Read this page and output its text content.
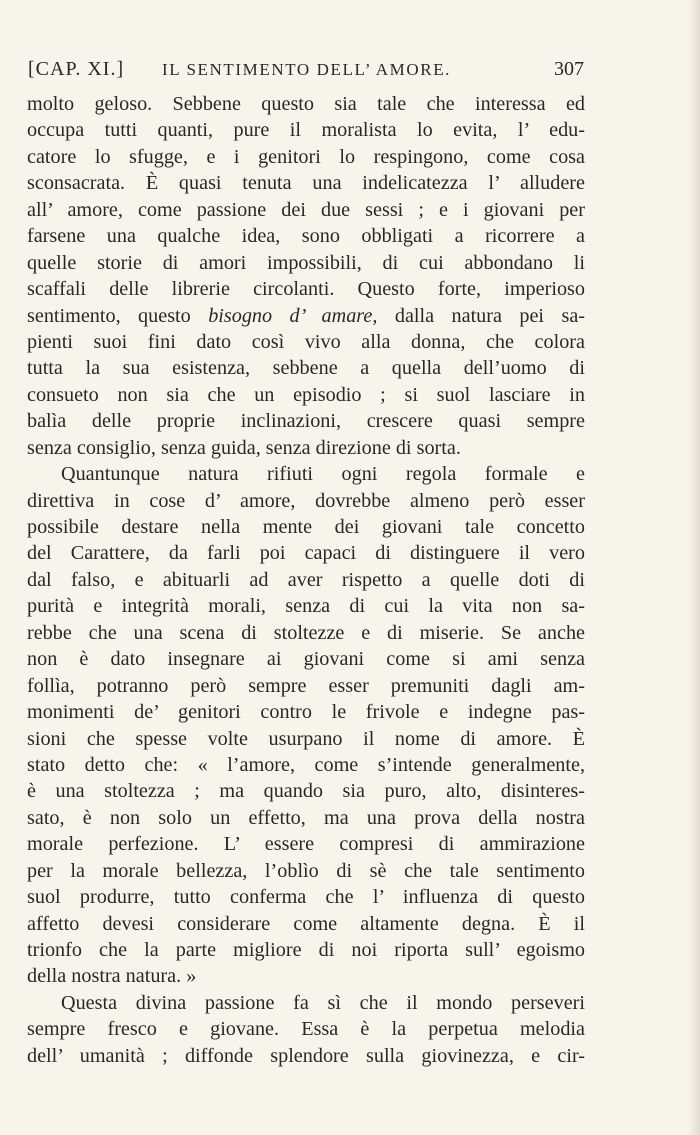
[CAP. XI.] IL SENTIMENTO DELL’ AMORE.	307
molto geloso. Sebbene questo sia tale che interessa ed
occupa tutti quanti, pure il moralista lo evita, l’ edu-
catore lo sfugge, e i genitori lo respingono, come cosa
sconsacrata. È quasi tenuta una indelicatezza l’ alludere
all’ amore, come passione dei due sessi ; e i giovani per
farsene una qualche idea, sono obbligati a ricorrere a
quelle storie di amori impossibili, di cui abbondano li
scaffali delle librerie circolanti. Questo forte, imperioso
sentimento, questo bisogno d’ amare, dalla natura pei sa-
pienti suoi fini dato così vivo alla donna, che colora
tutta la sua esistenza, sebbene a quella dell’uomo di
consueto non sia che un episodio ; si suol lasciare in
balìa delle proprie inclinazioni, crescere quasi sempre
senza consiglio, senza guida, senza direzione di sorta.
Quantunque natura rifiuti ogni regola formale e
direttiva in cose d’ amore, dovrebbe almeno però esser
possibile destare nella mente dei giovani tale concetto
del Carattere, da farli poi capaci di distinguere il vero
dal falso, e abituarli ad aver rispetto a quelle doti di
purità e integrità morali, senza di cui la vita non sa-
rebbe che una scena di stoltezze e di miserie. Se anche
non è dato insegnare ai giovani come si ami senza
follìa, potranno però sempre esser premuniti dagli am-
monimenti de’ genitori contro le frivole e indegne pas-
sioni che spesse volte usurpano il nome di amore. È
stato detto che: « l’amore, come s’intende generalmente,
è una stoltezza ; ma quando sia puro, alto, disinteres-
sato, è non solo un effetto, ma una prova della nostra
morale perfezione. L’ essere compresi di ammirazione
per la morale bellezza, l’oblìo di sè che tale sentimento
suol produrre, tutto conferma che l’ influenza di questo
affetto devesi considerare come altamente degna. È il
trionfo che la parte migliore di noi riporta sull’ egoismo
della nostra natura. »
Questa divina passione fa sì che il mondo perseveri
sempre fresco e giovane. Essa è la perpetua melodia
dell’ umanità ; diffonde splendore sulla giovinezza, e cir-
